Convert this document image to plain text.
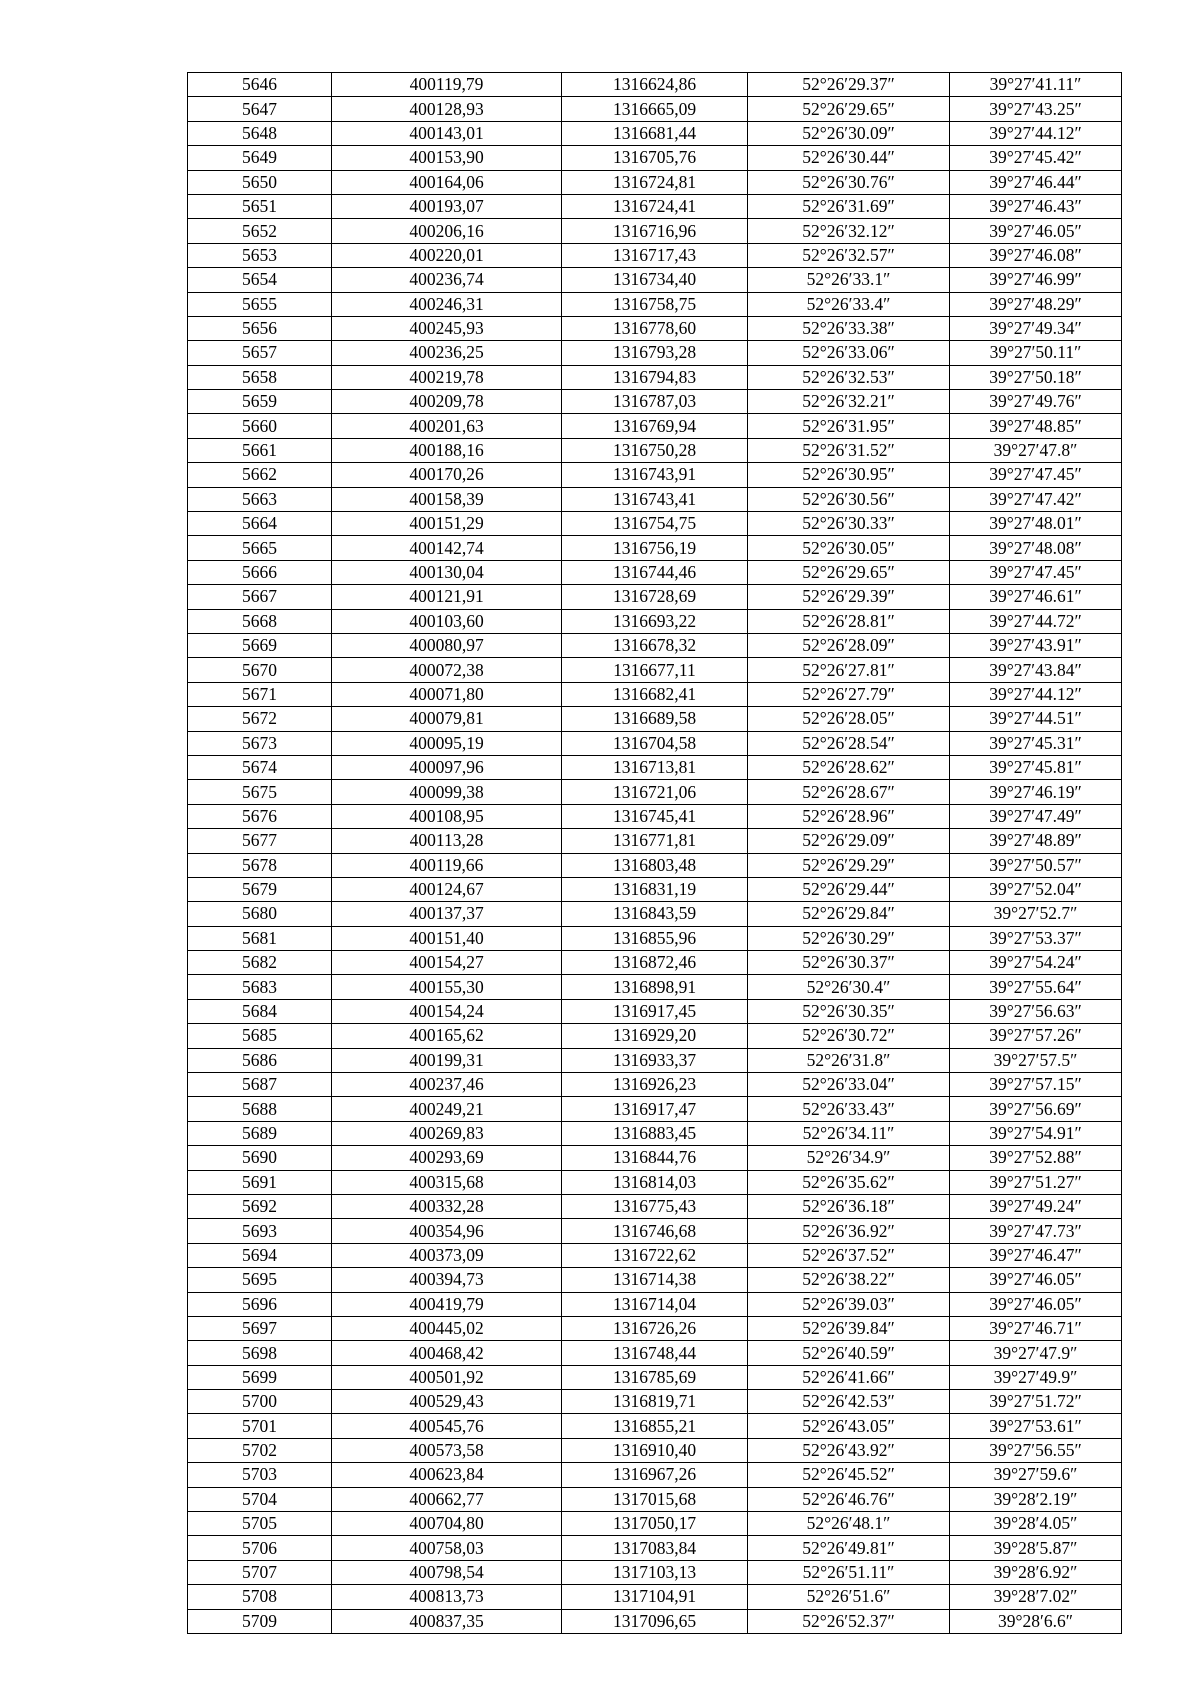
5646	400119,79	1316624,86	52°26′29.37″	39°27′41.11″
5647	400128,93	1316665,09	52°26′29.65″	39°27′43.25″
5648	400143,01	1316681,44	52°26′30.09″	39°27′44.12″
5649	400153,90	1316705,76	52°26′30.44″	39°27′45.42″
5650	400164,06	1316724,81	52°26′30.76″	39°27′46.44″
5651	400193,07	1316724,41	52°26′31.69″	39°27′46.43″
5652	400206,16	1316716,96	52°26′32.12″	39°27′46.05″
5653	400220,01	1316717,43	52°26′32.57″	39°27′46.08″
5654	400236,74	1316734,40	52°26′33.1″	39°27′46.99″
5655	400246,31	1316758,75	52°26′33.4″	39°27′48.29″
5656	400245,93	1316778,60	52°26′33.38″	39°27′49.34″
5657	400236,25	1316793,28	52°26′33.06″	39°27′50.11″
5658	400219,78	1316794,83	52°26′32.53″	39°27′50.18″
5659	400209,78	1316787,03	52°26′32.21″	39°27′49.76″
5660	400201,63	1316769,94	52°26′31.95″	39°27′48.85″
5661	400188,16	1316750,28	52°26′31.52″	39°27′47.8″
5662	400170,26	1316743,91	52°26′30.95″	39°27′47.45″
5663	400158,39	1316743,41	52°26′30.56″	39°27′47.42″
5664	400151,29	1316754,75	52°26′30.33″	39°27′48.01″
5665	400142,74	1316756,19	52°26′30.05″	39°27′48.08″
5666	400130,04	1316744,46	52°26′29.65″	39°27′47.45″
5667	400121,91	1316728,69	52°26′29.39″	39°27′46.61″
5668	400103,60	1316693,22	52°26′28.81″	39°27′44.72″
5669	400080,97	1316678,32	52°26′28.09″	39°27′43.91″
5670	400072,38	1316677,11	52°26′27.81″	39°27′43.84″
5671	400071,80	1316682,41	52°26′27.79″	39°27′44.12″
5672	400079,81	1316689,58	52°26′28.05″	39°27′44.51″
5673	400095,19	1316704,58	52°26′28.54″	39°27′45.31″
5674	400097,96	1316713,81	52°26′28.62″	39°27′45.81″
5675	400099,38	1316721,06	52°26′28.67″	39°27′46.19″
5676	400108,95	1316745,41	52°26′28.96″	39°27′47.49″
5677	400113,28	1316771,81	52°26′29.09″	39°27′48.89″
5678	400119,66	1316803,48	52°26′29.29″	39°27′50.57″
5679	400124,67	1316831,19	52°26′29.44″	39°27′52.04″
5680	400137,37	1316843,59	52°26′29.84″	39°27′52.7″
5681	400151,40	1316855,96	52°26′30.29″	39°27′53.37″
5682	400154,27	1316872,46	52°26′30.37″	39°27′54.24″
5683	400155,30	1316898,91	52°26′30.4″	39°27′55.64″
5684	400154,24	1316917,45	52°26′30.35″	39°27′56.63″
5685	400165,62	1316929,20	52°26′30.72″	39°27′57.26″
5686	400199,31	1316933,37	52°26′31.8″	39°27′57.5″
5687	400237,46	1316926,23	52°26′33.04″	39°27′57.15″
5688	400249,21	1316917,47	52°26′33.43″	39°27′56.69″
5689	400269,83	1316883,45	52°26′34.11″	39°27′54.91″
5690	400293,69	1316844,76	52°26′34.9″	39°27′52.88″
5691	400315,68	1316814,03	52°26′35.62″	39°27′51.27″
5692	400332,28	1316775,43	52°26′36.18″	39°27′49.24″
5693	400354,96	1316746,68	52°26′36.92″	39°27′47.73″
5694	400373,09	1316722,62	52°26′37.52″	39°27′46.47″
5695	400394,73	1316714,38	52°26′38.22″	39°27′46.05″
5696	400419,79	1316714,04	52°26′39.03″	39°27′46.05″
5697	400445,02	1316726,26	52°26′39.84″	39°27′46.71″
5698	400468,42	1316748,44	52°26′40.59″	39°27′47.9″
5699	400501,92	1316785,69	52°26′41.66″	39°27′49.9″
5700	400529,43	1316819,71	52°26′42.53″	39°27′51.72″
5701	400545,76	1316855,21	52°26′43.05″	39°27′53.61″
5702	400573,58	1316910,40	52°26′43.92″	39°27′56.55″
5703	400623,84	1316967,26	52°26′45.52″	39°27′59.6″
5704	400662,77	1317015,68	52°26′46.76″	39°28′2.19″
5705	400704,80	1317050,17	52°26′48.1″	39°28′4.05″
5706	400758,03	1317083,84	52°26′49.81″	39°28′5.87″
5707	400798,54	1317103,13	52°26′51.11″	39°28′6.92″
5708	400813,73	1317104,91	52°26′51.6″	39°28′7.02″
5709	400837,35	1317096,65	52°26′52.37″	39°28′6.6″
